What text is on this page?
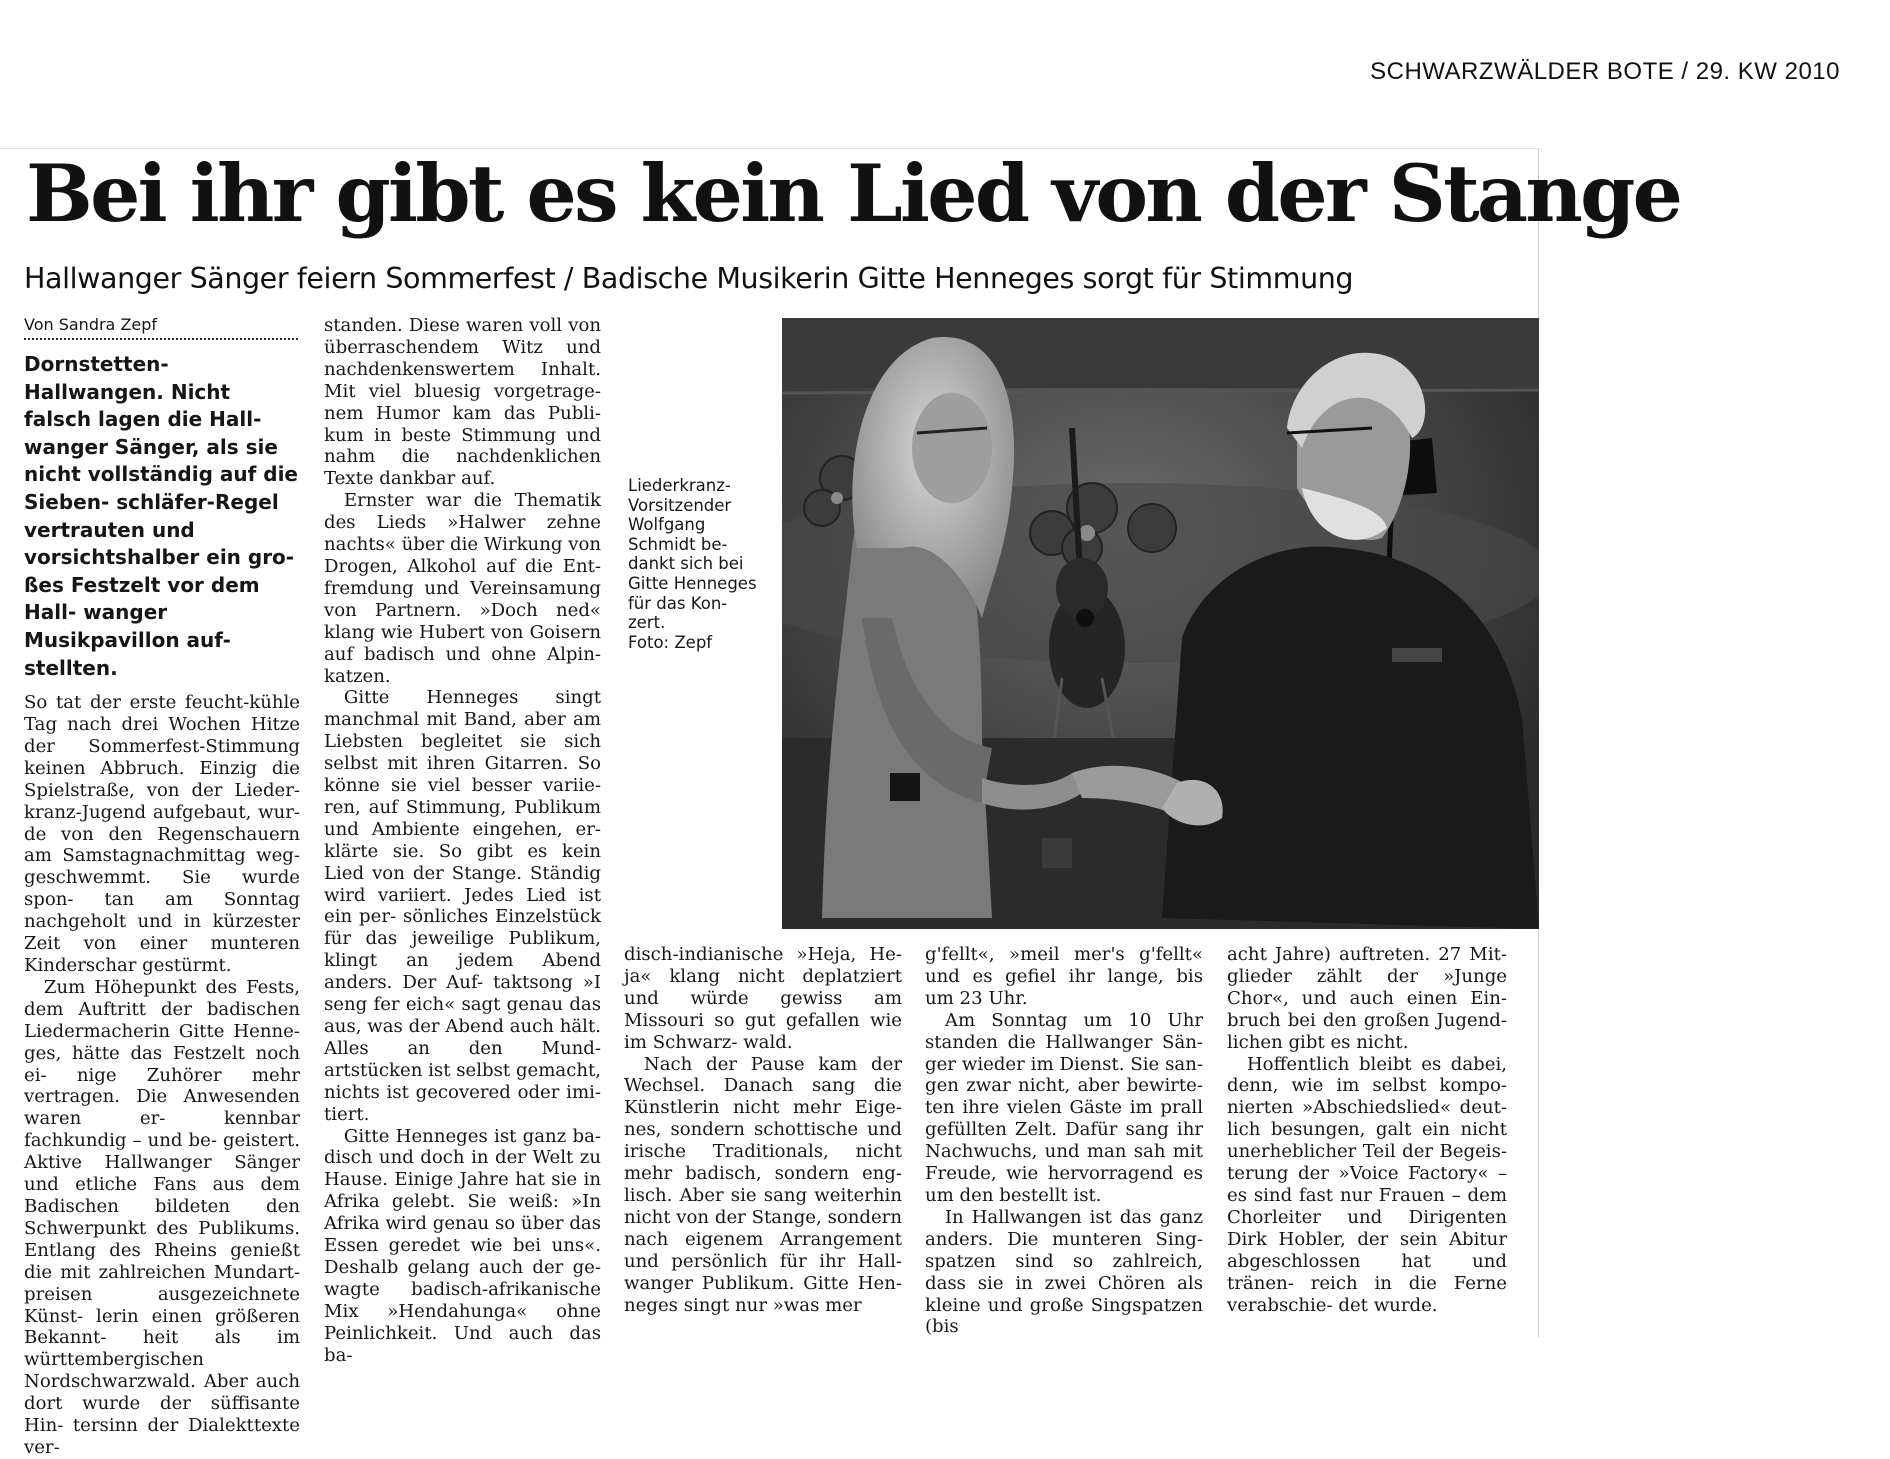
SCHWARZWÄLDER BOTE / 29. KW 2010
Bei ihr gibt es kein Lied von der Stange
Hallwanger Sänger feiern Sommerfest / Badische Musikerin Gitte Henneges sorgt für Stimmung
Von Sandra Zepf

Dornstetten-Hallwangen. Nicht falsch lagen die Hall- wanger Sänger, als sie nicht vollständig auf die Sieben- schläfer-Regel vertrauten und vorsichtshalber ein gro- ßes Festzelt vor dem Hall- wanger Musikpavillon auf- stellten.

So tat der erste feucht-kühle Tag nach drei Wochen Hitze der Sommerfest-Stimmung keinen Abbruch. Einzig die Spielstraße, von der Lieder- kranz-Jugend aufgebaut, wur- de von den Regenschauern am Samstagnachmittag weg- geschwemmt. Sie wurde spon- tan am Sonntag nachgeholt und in kürzester Zeit von einer munteren Kinderschar gestürmt.

Zum Höhepunkt des Fests, dem Auftritt der badischen Liedermacherin Gitte Henne- ges, hätte das Festzelt noch ei- nige Zuhörer mehr vertragen. Die Anwesenden waren er- kennbar fachkundig – und be- geistert. Aktive Hallwanger Sänger und etliche Fans aus dem Badischen bildeten den Schwerpunkt des Publikums. Entlang des Rheins genießt die mit zahlreichen Mundart- preisen ausgezeichnete Künst- lerin einen größeren Bekannt- heit als im württembergischen Nordschwarzwald. Aber auch dort wurde der süffisante Hin- tersinn der Dialekttexte ver-

standen. Diese waren voll von überraschendem Witz und nachdenkenswertem Inhalt. Mit viel bluesig vorgetrage- nem Humor kam das Publi- kum in beste Stimmung und nahm die nachdenklichen Texte dankbar auf.

Ernster war die Thematik des Lieds »Halwer zehne nachts« über die Wirkung von Drogen, Alkohol auf die Ent- fremdung und Vereinsamung von Partnern. »Doch ned« klang wie Hubert von Goisern auf badisch und ohne Alpin- katzen.

Gitte Henneges singt manchmal mit Band, aber am Liebsten begleitet sie sich selbst mit ihren Gitarren. So könne sie viel besser variie- ren, auf Stimmung, Publikum und Ambiente eingehen, er- klärte sie. So gibt es kein Lied von der Stange. Ständig wird variiert. Jedes Lied ist ein per- sönliches Einzelstück für das jeweilige Publikum, klingt an jedem Abend anders. Der Auf- taktsong »I seng fer eich« sagt genau das aus, was der Abend auch hält. Alles an den Mund- artstücken ist selbst gemacht, nichts ist gecovered oder imi- tiert.

Gitte Henneges ist ganz ba- disch und doch in der Welt zu Hause. Einige Jahre hat sie in Afrika gelebt. Sie weiß: »In Afrika wird genau so über das Essen geredet wie bei uns«. Deshalb gelang auch der ge- wagte badisch-afrikanische Mix »Hendahunga« ohne Peinlichkeit. Und auch das ba-

Liederkranz-

Vorsitzender

Wolfgang

Schmidt be-

dankt sich bei

Gitte Henneges

für das Kon-

zert.

Foto: Zepf

disch-indianische »Heja, He- ja« klang nicht deplatziert und würde gewiss am Missouri so gut gefallen wie im Schwarz- wald.

Nach der Pause kam der Wechsel. Danach sang die Künstlerin nicht mehr Eige- nes, sondern schottische und irische Traditionals, nicht mehr badisch, sondern eng- lisch. Aber sie sang weiterhin nicht von der Stange, sondern nach eigenem Arrangement und persönlich für ihr Hall- wanger Publikum. Gitte Hen- neges singt nur »was mer

g'fellt«, »meil mer's g'fellt« und es gefiel ihr lange, bis um 23 Uhr.

Am Sonntag um 10 Uhr standen die Hallwanger Sän- ger wieder im Dienst. Sie san- gen zwar nicht, aber bewirte- ten ihre vielen Gäste im prall gefüllten Zelt. Dafür sang ihr Nachwuchs, und man sah mit Freude, wie hervorragend es um den bestellt ist.

In Hallwangen ist das ganz anders. Die munteren Sing- spatzen sind so zahlreich, dass sie in zwei Chören als kleine und große Singspatzen (bis

acht Jahre) auftreten. 27 Mit- glieder zählt der »Junge Chor«, und auch einen Ein- bruch bei den großen Jugend- lichen gibt es nicht.

Hoffentlich bleibt es dabei, denn, wie im selbst kompo- nierten »Abschiedslied« deut- lich besungen, galt ein nicht unerheblicher Teil der Begeis- terung der »Voice Factory« – es sind fast nur Frauen – dem Chorleiter und Dirigenten Dirk Hobler, der sein Abitur abgeschlossen hat und tränen- reich in die Ferne verabschie- det wurde.
